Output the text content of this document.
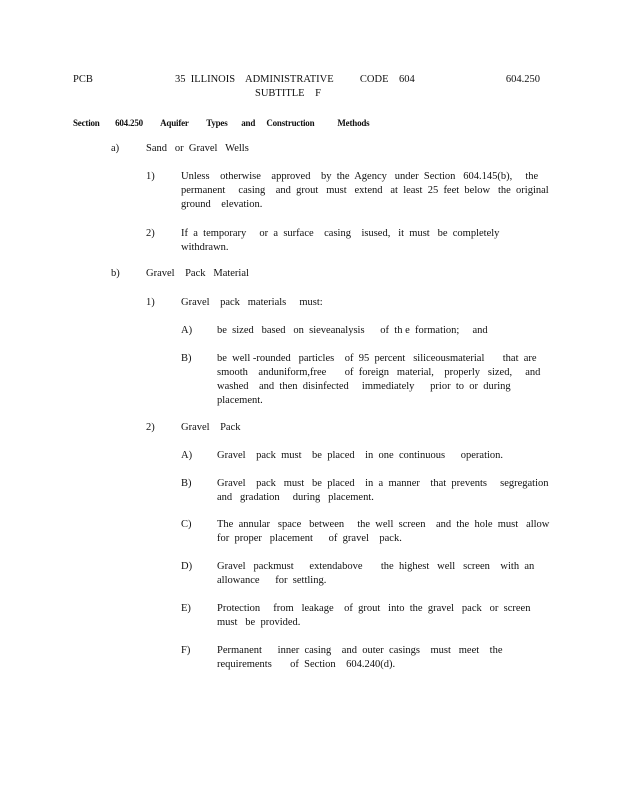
PCB	35  ILLINOIS    ADMINISTRATIVE          CODE    604
SUBTITLE    F
604.250
Section 604.250 Aquifer Types and Construction	Methods
a)	Sand   or  Gravel   Wells
1)	Unless    otherwise    approved    by  the  Agency   under  Section   604.145(b),     the
permanent     casing    and  grout   must   extend   at  least  25  feet  below   the  original
ground    elevation.
2)	If  a  temporary     or  a  surface    casing    isused,   it  must   be  completely
withdrawn.
b)	Gravel    Pack   Material
1)	Gravel    pack   materials     must:
A) be  sized   based   on  sieveanalysis      of  th e  formation;     and
B) be  well -rounded   particles    of  95  percent   siliceousmaterial       that  are
smooth    anduniform,free       of  foreign   material,    properly   sized,     and
washed    and  then  disinfected     immediately      prior  to  or  during
placement.
2)	Gravel    Pack
A) Gravel    pack  must    be  placed    in  one  continuous      operation.
B) Gravel    pack   must   be  placed    in  a  manner    that  prevents     segregation
and   gradation     during   placement.
C) The  annular   space   between     the  well  screen    and  the  hole  must   allow
for  proper   placement      of  gravel    pack.
D) Gravel   packmust      extendabove       the  highest   well   screen    with  an
allowance      for  settling.
E) Protection     from   leakage    of  grout   into  the  gravel   pack   or  screen
must   be  provided.
F)	Permanent      inner  casing    and  outer  casings    must   meet    the
requirements       of  Section    604.240(d).
